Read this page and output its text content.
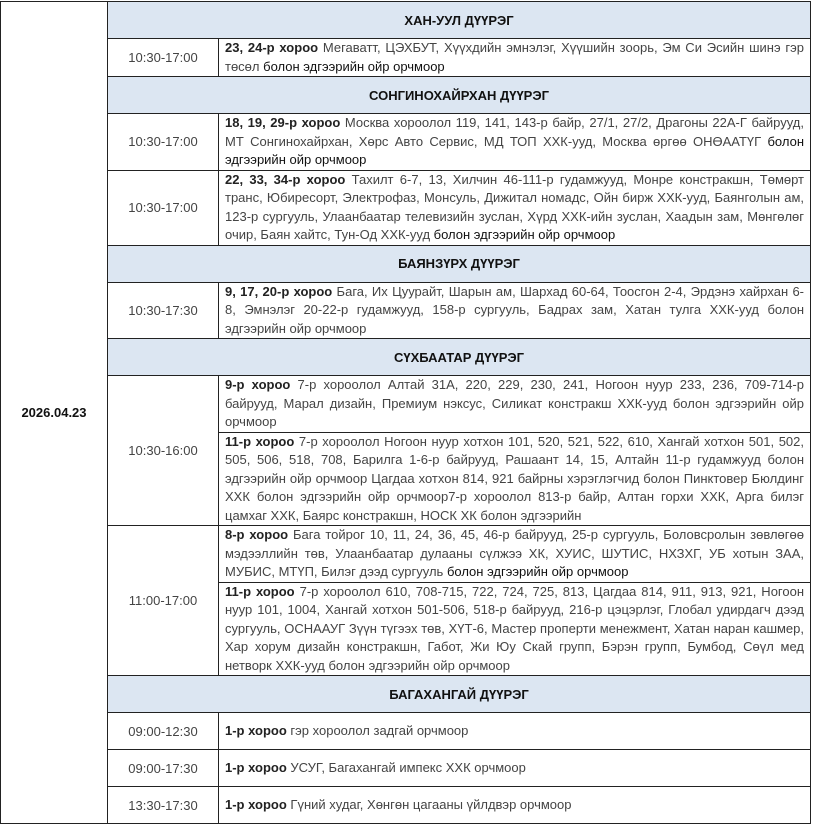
2026.04.23	ХАН-УУЛ ДҮҮРЭГ	
	10:30-17:00	23, 24-р хороо Мегаватт, ЦЭХБУТ, Хүүхдийн эмнэлэг, Хүүшийн зоорь, Эм Си Эсийн шинэ гэр төсөл болон эдгээрийн ойр орчмоор
	СОНГИНОХАЙРХАН ДҮҮРЭГ	
	10:30-17:00	18, 19, 29-р хороо Москва хороолол 119, 141, 143-р байр, 27/1, 27/2, Драгоны 22А-Г байрууд, МТ Сонгинохайрхан, Хөрс Авто Сервис, МД ТОП ХХК-ууд, Москва өргөө ОНӨААТҮГ болон эдгээрийн ойр орчмоор
	10:30-17:00	22, 33, 34-р хороо Тахилт 6-7, 13, Хилчин 46-111-р гудамжууд, Монре констракшн, Төмөрт транс, Юбиресорт, Электрофаз, Монсуль, Дижитал номадс, Ойн бирж ХХК-ууд, Баянголын ам, 123-р сургууль, Улаанбаатар телевизийн зуслан, Хүрд ХХК-ийн зуслан, Хаадын зам, Мөнгөлөг очир, Баян хайтс, Тун-Од ХХК-ууд болон эдгээрийн ойр орчмоор
	БАЯНЗҮРХ ДҮҮРЭГ	
	10:30-17:30	9, 17, 20-р хороо Бага, Их Цуурайт, Шарын ам, Шархад 60-64, Тоосгон 2-4, Эрдэнэ хайрхан 6-8, Эмнэлэг 20-22-р гудамжууд, 158-р сургууль, Бадрах зам, Хатан тулга ХХК-ууд болон эдгээрийн ойр орчмоор
	СҮХБААТАР ДҮҮРЭГ	
	10:30-16:00	9-р хороо 7-р хороолол Алтай 31А, 220, 229, 230, 241, Ногоон нуур 233, 236, 709-714-р байрууд, Марал дизайн, Премиум нэксус, Силикат констракш ХХК-ууд болон эдгээрийн ойр орчмоор
		11-р хороо 7-р хороолол Ногоон нуур хотхон 101, 520, 521, 522, 610, Хангай хотхон 501, 502, 505, 506, 518, 708, Барилга 1-6-р байрууд, Рашаант 14, 15, Алтайн 11-р гудамжууд болон эдгээрийн ойр орчмоор Цагдаа хотхон 814, 921 байрны хэрэглэгчид болон Пинктовер Бюлдинг ХХК болон эдгээрийн ойр орчмоор7-р хороолол 813-р байр, Алтан горхи ХХК, Арга билэг цамхаг ХХК, Баярс констракшн, НОСК ХК болон эдгээрийн
	11:00-17:00	8-р хороо Бага тойрог 10, 11, 24, 36, 45, 46-р байрууд, 25-р сургууль, Боловсролын зөвлөгөө мэдээллийн төв, Улаанбаатар дулааны сүлжээ ХК, ХУИС, ШУТИС, НХЗХГ, УБ хотын ЗАА, МУБИС, МТҮП, Билэг дээд сургууль болон эдгээрийн ойр орчмоор
		11-р хороо 7-р хороолол 610, 708-715, 722, 724, 725, 813, Цагдаа 814, 911, 913, 921, Ногоон нуур 101, 1004, Хангай хотхон 501-506, 518-р байрууд, 216-р цэцэрлэг, Глобал удирдагч дээд сургууль, ОСНААУГ Зүүн түгээх төв, ХҮТ-6, Мастер проперти менежмент, Хатан наран кашмер, Хар хорум дизайн констракшн, Габот, Жи Юу Скай групп, Бэрэн групп, Бумбод, Сөүл мед нетворк ХХК-ууд болон эдгээрийн ойр орчмоор
	БАГАХАНГАЙ ДҮҮРЭГ	
	09:00-12:30	1-р хороо гэр хороолол задгай орчмоор
	09:00-17:30	1-р хороо УСУГ, Багахангай импекс ХХК орчмоор
	13:30-17:30	1-р хороо Гүний худаг, Хөнгөн цагааны үйлдвэр орчмоор
